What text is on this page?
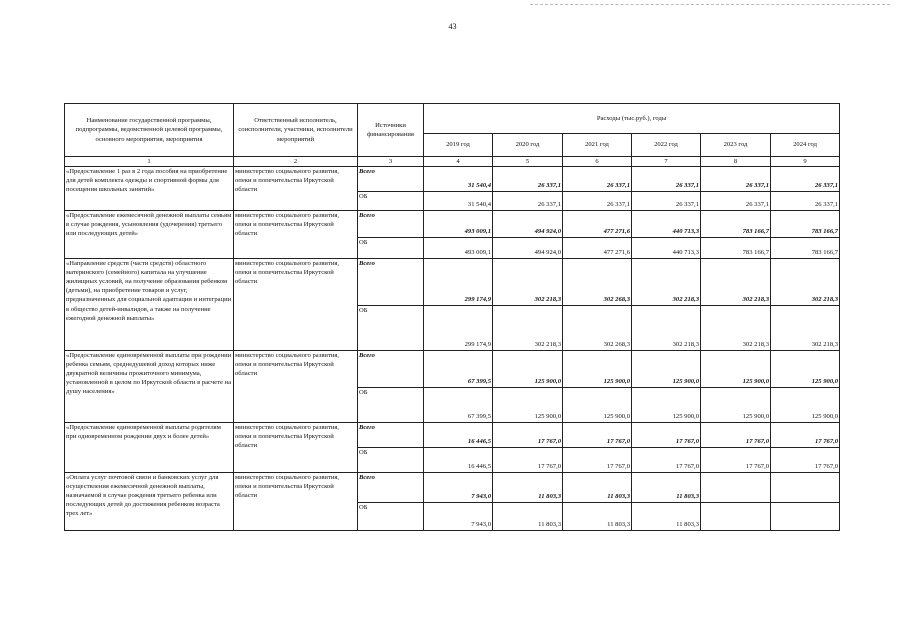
43
Наименование государственной программы, подпрограммы, ведомственной целевой программы, основного мероприятия, мероприятия	Ответственный исполнитель, соисполнители, участники, исполнители мероприятий	Источники финансирования	Расходы (тыс.руб.), годы					
			2019 год	2020 год	2021 год	2022 год	2023 год	2024 год
1	2	3	4	5	6	7	8	9
«Предоставление 1 раз в 2 года пособия на приобретение для детей комплекта одежды и спортивной формы для посещения школьных занятий»	министерство социального развития, опеки и попечительства Иркутской области	Всего	31 540,4	26 337,1	26 337,1	26 337,1	26 337,1	26 337,1
		ОБ	31 540,4	26 337,1	26 337,1	26 337,1	26 337,1	26 337,1
«Предоставление ежемесячной денежной выплаты семьям в случае рождения, усыновления (удочерения) третьего или последующих детей»	министерство социального развития, опеки и попечительства Иркутской области	Всего	493 009,1	494 924,0	477 271,6	440 713,3	783 166,7	783 166,7
		ОБ	493 009,1	494 924,0	477 271,6	440 713,3	783 166,7	783 166,7
«Направление средств (части средств) областного материнского (семейного) капитала на улучшение жилищных условий, на получение образования ребенком (детьми), на приобретение товаров и услуг, предназначенных для социальной адаптации и интеграции в общество детей-инвалидов, а также на получение ежегодной денежной выплаты»	министерство социального развития, опеки и попечительства Иркутской области	Всего	299 174,9	302 218,3	302 268,3	302 218,3	302 218,3	302 218,3
		ОБ	299 174,9	302 218,3	302 268,3	302 218,3	302 218,3	302 218,3
«Предоставление единовременной выплаты при рождении ребенка семьям, среднедушевой доход которых ниже двукратной величины прожиточного минимума, установленной в целом по Иркутской области в расчете на душу населения»	министерство социального развития, опеки и попечительства Иркутской области	Всего	67 399,5	125 900,0	125 900,0	125 900,0	125 900,0	125 900,0
		ОБ	67 399,5	125 900,0	125 900,0	125 900,0	125 900,0	125 900,0
«Предоставление единовременной выплаты родителям при одновременном рождении двух и более детей»	министерство социального развития, опеки и попечительства Иркутской области	Всего	16 446,5	17 767,0	17 767,0	17 767,0	17 767,0	17 767,0
		ОБ	16 446,5	17 767,0	17 767,0	17 767,0	17 767,0	17 767,0
«Оплата услуг почтовой связи и банковских услуг для осуществления ежемесячной денежной выплаты, назначаемой в случае рождения третьего ребенка или последующих детей до достижения ребенком возраста трех лет»	министерство социального развития, опеки и попечительства Иркутской области	Всего	7 943,0	11 803,3	11 803,3	11 803,3		
		ОБ	7 943,0	11 803,3	11 803,3	11 803,3		
